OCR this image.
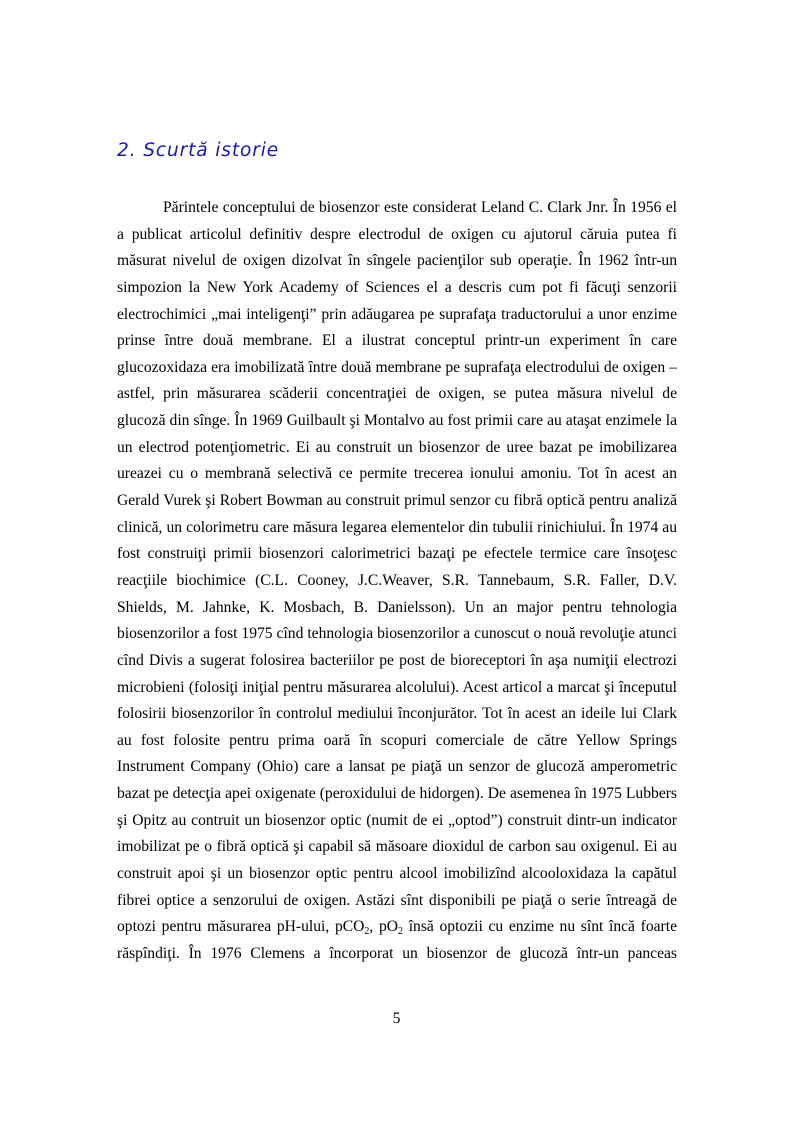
2. Scurtă istorie
Părintele conceptului de biosenzor este considerat Leland C. Clark Jnr. În 1956 el
a publicat articolul definitiv despre electrodul de oxigen cu ajutorul căruia putea fi
măsurat nivelul de oxigen dizolvat în sîngele pacienţilor sub operaţie. În 1962 într-un
simpozion la New York Academy of Sciences el a descris cum pot fi făcuţi senzorii
electrochimici „mai inteligenţi” prin adăugarea pe suprafaţa traductorului a unor enzime
prinse între două membrane. El a ilustrat conceptul printr-un experiment în care
glucozoxidaza era imobilizată între două membrane pe suprafaţa electrodului de oxigen –
astfel, prin măsurarea scăderii concentraţiei de oxigen, se putea măsura nivelul de
glucoză din sînge. În 1969 Guilbault şi Montalvo au fost primii care au ataşat enzimele la
un electrod potenţiometric. Ei au construit un biosenzor de uree bazat pe imobilizarea
ureazei cu o membrană selectivă ce permite trecerea ionului amoniu. Tot în acest an
Gerald Vurek şi Robert Bowman au construit primul senzor cu fibră optică pentru analiză
clinică, un colorimetru care măsura legarea elementelor din tubulii rinichiului. În 1974 au
fost construiţi primii biosenzori calorimetrici bazaţi pe efectele termice care însoţesc
reacţiile biochimice (C.L. Cooney, J.C.Weaver, S.R. Tannebaum, S.R. Faller, D.V.
Shields, M. Jahnke, K. Mosbach, B. Danielsson). Un an major pentru tehnologia
biosenzorilor a fost 1975 cînd tehnologia biosenzorilor a cunoscut o nouă revoluţie atunci
cînd Divis a sugerat folosirea bacteriilor pe post de bioreceptori în aşa numiţii electrozi
microbieni (folosiţi iniţial pentru măsurarea alcolului). Acest articol a marcat şi începutul
folosirii biosenzorilor în controlul mediului înconjurător. Tot în acest an ideile lui Clark
au fost folosite pentru prima oară în scopuri comerciale de către Yellow Springs
Instrument Company (Ohio) care a lansat pe piaţă un senzor de glucoză amperometric
bazat pe detecţia apei oxigenate (peroxidului de hidorgen). De asemenea în 1975 Lubbers
şi Opitz au contruit un biosenzor optic (numit de ei „optod”) construit dintr-un indicator
imobilizat pe o fibră optică şi capabil să măsoare dioxidul de carbon sau oxigenul. Ei au
construit apoi şi un biosenzor optic pentru alcool imobilizînd alcooloxidaza la capătul
fibrei optice a senzorului de oxigen. Astăzi sînt disponibili pe piaţă o serie întreagă de
optozi pentru măsurarea pH-ului, pCO$_2$, $pO_2$ însă optozii cu enzime nu sînt încă foarte
răspîndiţi. În 1976 Clemens a încorporat un biosenzor de glucoză într-un panceas
5
